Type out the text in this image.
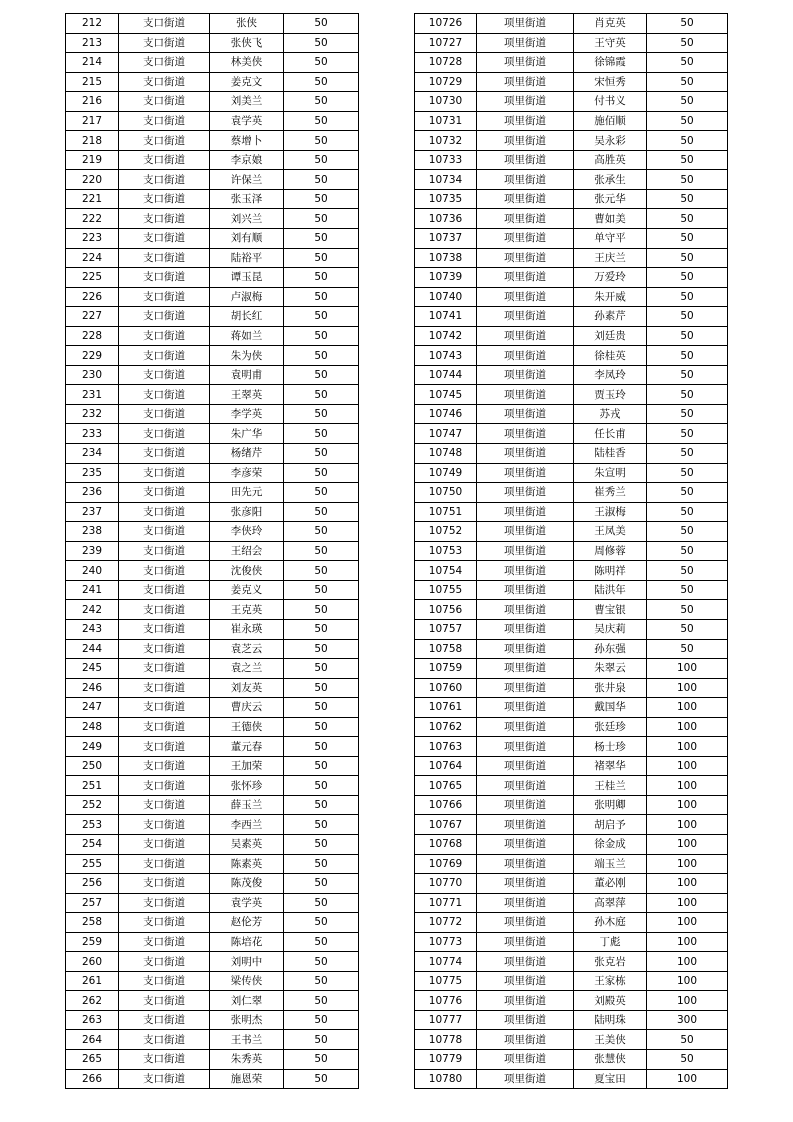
212	支口街道	张侠	50
213	支口街道	张侠飞	50
214	支口街道	林美侠	50
215	支口街道	姜克文	50
216	支口街道	刘美兰	50
217	支口街道	袁学英	50
218	支口街道	蔡增卜	50
219	支口街道	李京娘	50
220	支口街道	许保兰	50
221	支口街道	张玉泽	50
222	支口街道	刘兴兰	50
223	支口街道	刘有顺	50
224	支口街道	陆裕平	50
225	支口街道	谭玉昆	50
226	支口街道	卢淑梅	50
227	支口街道	胡长红	50
228	支口街道	蒋如兰	50
229	支口街道	朱为侠	50
230	支口街道	袁明甫	50
231	支口街道	王翠英	50
232	支口街道	李学英	50
233	支口街道	朱广华	50
234	支口街道	杨绪芹	50
235	支口街道	李彦荣	50
236	支口街道	田先元	50
237	支口街道	张彦阳	50
238	支口街道	李侠玲	50
239	支口街道	王绍会	50
240	支口街道	沈俊侠	50
241	支口街道	姜克义	50
242	支口街道	王克英	50
243	支口街道	崔永瑛	50
244	支口街道	袁芝云	50
245	支口街道	袁之兰	50
246	支口街道	刘友英	50
247	支口街道	曹庆云	50
248	支口街道	王德侠	50
249	支口街道	董元春	50
250	支口街道	王加荣	50
251	支口街道	张怀珍	50
252	支口街道	薛玉兰	50
253	支口街道	李西兰	50
254	支口街道	吴素英	50
255	支口街道	陈素英	50
256	支口街道	陈茂俊	50
257	支口街道	袁学英	50
258	支口街道	赵伦芳	50
259	支口街道	陈培花	50
260	支口街道	刘明中	50
261	支口街道	梁传侠	50
262	支口街道	刘仁翠	50
263	支口街道	张明杰	50
264	支口街道	王书兰	50
265	支口街道	朱秀英	50
266	支口街道	施恩荣	50
10726	项里街道	肖克英	50
10727	项里街道	王守英	50
10728	项里街道	徐锦霞	50
10729	项里街道	宋恒秀	50
10730	项里街道	付书义	50
10731	项里街道	施佰顺	50
10732	项里街道	吴永彩	50
10733	项里街道	高胜英	50
10734	项里街道	张承生	50
10735	项里街道	张元华	50
10736	项里街道	曹如美	50
10737	项里街道	单守平	50
10738	项里街道	王庆兰	50
10739	项里街道	万爱玲	50
10740	项里街道	朱开威	50
10741	项里街道	孙素芹	50
10742	项里街道	刘廷贵	50
10743	项里街道	徐桂英	50
10744	项里街道	李凤玲	50
10745	项里街道	贾玉玲	50
10746	项里街道	苏戎	50
10747	项里街道	任长甫	50
10748	项里街道	陆桂香	50
10749	项里街道	朱宣明	50
10750	项里街道	崔秀兰	50
10751	项里街道	王淑梅	50
10752	项里街道	王凤美	50
10753	项里街道	周修蓉	50
10754	项里街道	陈明祥	50
10755	项里街道	陆洪年	50
10756	项里街道	曹宝银	50
10757	项里街道	吴庆莉	50
10758	项里街道	孙东强	50
10759	项里街道	朱翠云	100
10760	项里街道	张井泉	100
10761	项里街道	戴国华	100
10762	项里街道	张廷珍	100
10763	项里街道	杨士珍	100
10764	项里街道	褚翠华	100
10765	项里街道	王桂兰	100
10766	项里街道	张明卿	100
10767	项里街道	胡启予	100
10768	项里街道	徐金成	100
10769	项里街道	端玉兰	100
10770	项里街道	董必刚	100
10771	项里街道	高翠萍	100
10772	项里街道	孙木庭	100
10773	项里街道	丁彪	100
10774	项里街道	张克岩	100
10775	项里街道	王家栋	100
10776	项里街道	刘殿英	100
10777	项里街道	陆明珠	300
10778	项里街道	王美侠	50
10779	项里街道	张慧侠	50
10780	项里街道	夏宝田	100
